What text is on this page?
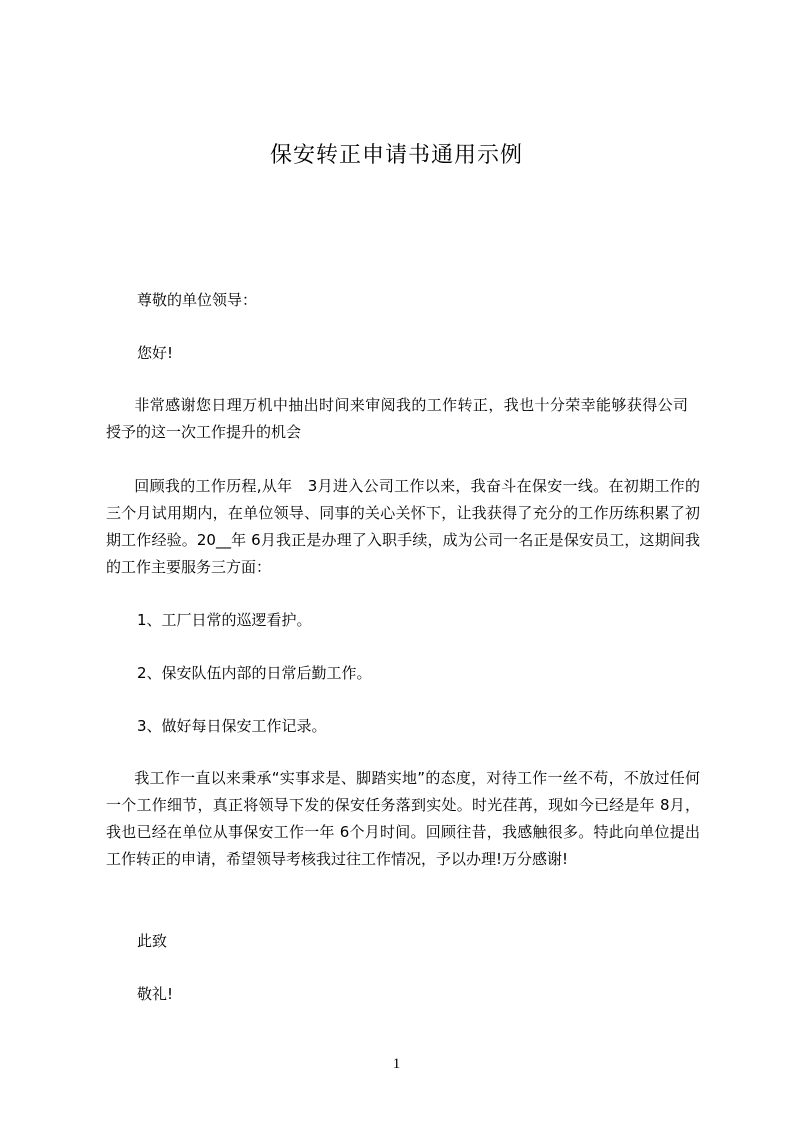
保安转正申请书通用示例
尊敬的单位领导：
您好!
非常感谢您日理万机中抽出时间来审阅我的工作转正，我也十分荣幸能够获得公司授予的这一次工作提升的机会
回顾我的工作历程,从年　3月进入公司工作以来，我奋斗在保安一线。在初期工作的三个月试用期内，在单位领导、同事的关心关怀下，让我获得了充分的工作历练积累了初期工作经验。20__年 6月我正是办理了入职手续，成为公司一名正是保安员工，这期间我的工作主要服务三方面：
1、工厂日常的巡逻看护。
2、保安队伍内部的日常后勤工作。
3、做好每日保安工作记录。
我工作一直以来秉承“实事求是、脚踏实地”的态度，对待工作一丝不苟，不放过任何一个工作细节，真正将领导下发的保安任务落到实处。时光荏苒，现如今已经是年 8月，我也已经在单位从事保安工作一年 6个月时间。回顾往昔，我感触很多。特此向单位提出工作转正的申请，希望领导考核我过往工作情况，予以办理!万分感谢!
此致
敬礼!
1
